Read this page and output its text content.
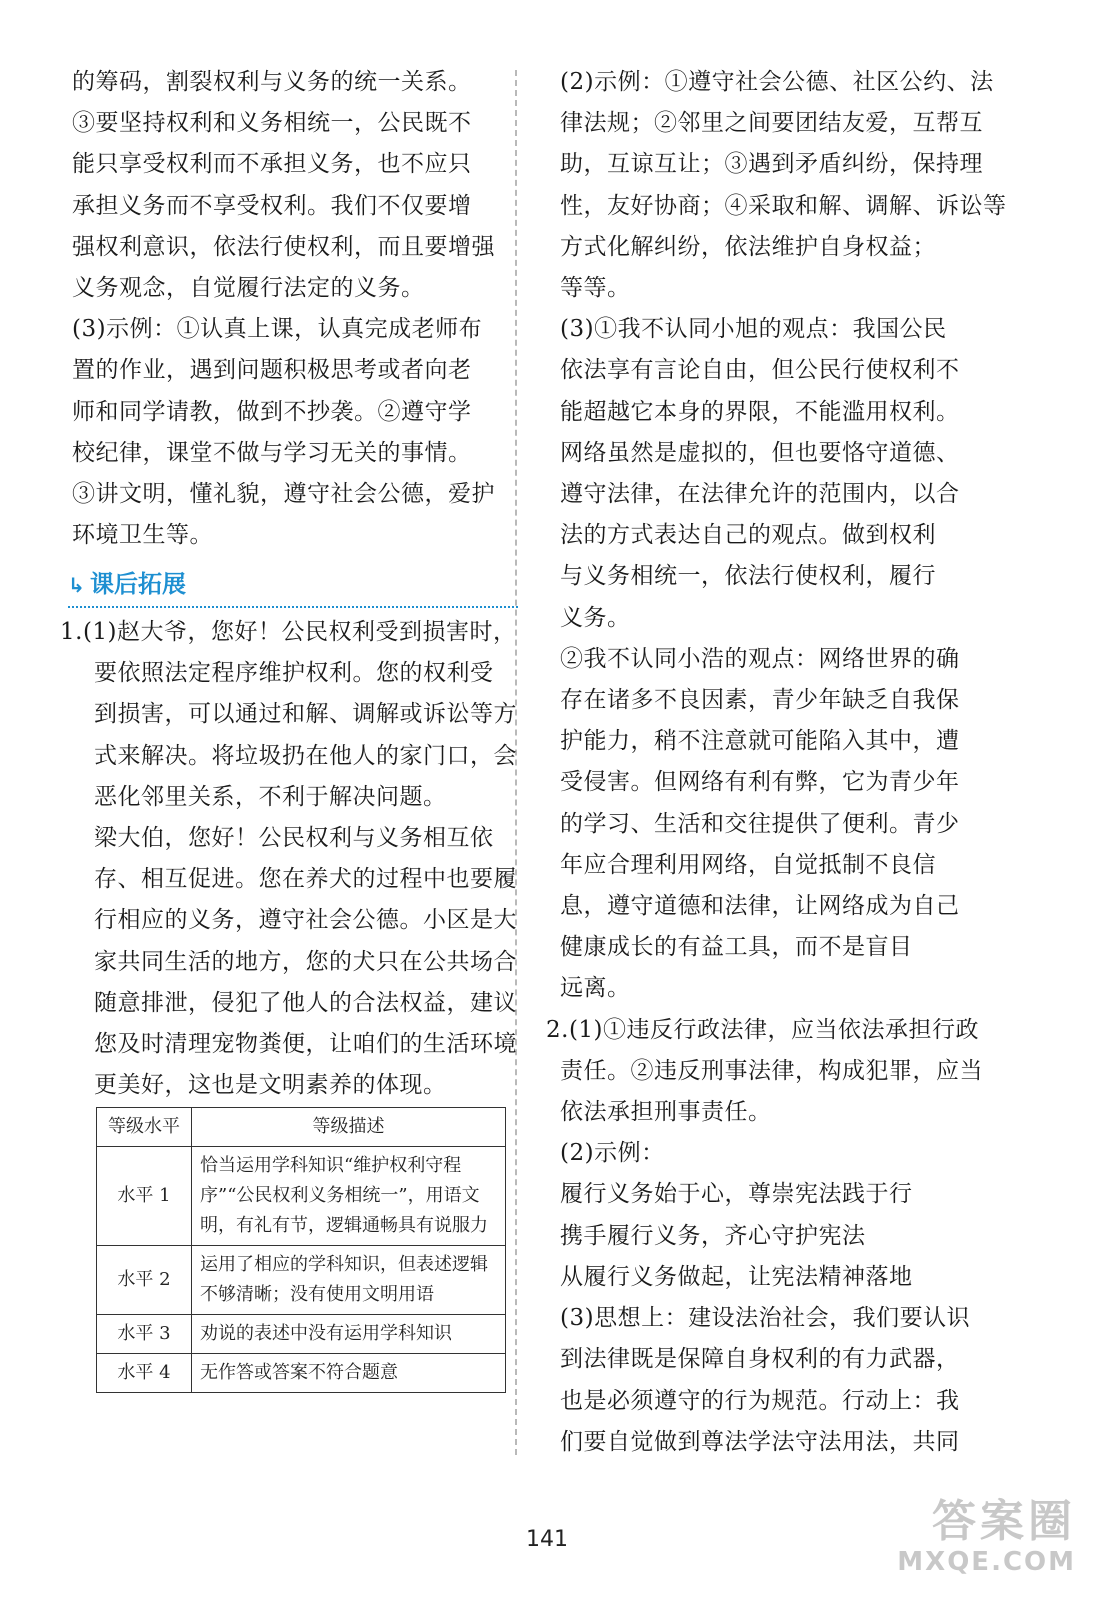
的筹码，割裂权利与义务的统一关系。
③要坚持权利和义务相统一，公民既不
能只享受权利而不承担义务，也不应只
承担义务而不享受权利。我们不仅要增
强权利意识，依法行使权利，而且要增强
义务观念，自觉履行法定的义务。
(3)示例：①认真上课，认真完成老师布
置的作业，遇到问题积极思考或者向老
师和同学请教，做到不抄袭。②遵守学
校纪律，课堂不做与学习无关的事情。
③讲文明，懂礼貌，遵守社会公德，爱护
环境卫生等。
↳ 课后拓展
1.(1)赵大爷，您好！公民权利受到损害时，
要依照法定程序维护权利。您的权利受
到损害，可以通过和解、调解或诉讼等方
式来解决。将垃圾扔在他人的家门口，会
恶化邻里关系，不利于解决问题。
梁大伯，您好！公民权利与义务相互依
存、相互促进。您在养犬的过程中也要履
行相应的义务，遵守社会公德。小区是大
家共同生活的地方，您的犬只在公共场合
随意排泄，侵犯了他人的合法权益，建议
您及时清理宠物粪便，让咱们的生活环境
更美好，这也是文明素养的体现。
等级水平	等级描述
水平 1	恰当运用学科知识“维护权利守程序”“公民权利义务相统一”，用语文明，有礼有节，逻辑通畅具有说服力
水平 2	运用了相应的学科知识，但表述逻辑不够清晰；没有使用文明用语
水平 3	劝说的表述中没有运用学科知识
水平 4	无作答或答案不符合题意
(2)示例：①遵守社会公德、社区公约、法
律法规；②邻里之间要团结友爱，互帮互
助，互谅互让；③遇到矛盾纠纷，保持理
性，友好协商；④采取和解、调解、诉讼等
方式化解纠纷，依法维护自身权益；
等等。
(3)①我不认同小旭的观点：我国公民
依法享有言论自由，但公民行使权利不
能超越它本身的界限，不能滥用权利。
网络虽然是虚拟的，但也要恪守道德、
遵守法律，在法律允许的范围内，以合
法的方式表达自己的观点。做到权利
与义务相统一，依法行使权利，履行
义务。
②我不认同小浩的观点：网络世界的确
存在诸多不良因素，青少年缺乏自我保
护能力，稍不注意就可能陷入其中，遭
受侵害。但网络有利有弊，它为青少年
的学习、生活和交往提供了便利。青少
年应合理利用网络，自觉抵制不良信
息，遵守道德和法律，让网络成为自己
健康成长的有益工具，而不是盲目
远离。
2.(1)①违反行政法律，应当依法承担行政
责任。②违反刑事法律，构成犯罪，应当
依法承担刑事责任。
(2)示例：
履行义务始于心，尊崇宪法践于行
携手履行义务，齐心守护宪法
从履行义务做起，让宪法精神落地
(3)思想上：建设法治社会，我们要认识
到法律既是保障自身权利的有力武器，
也是必须遵守的行为规范。行动上：我
们要自觉做到尊法学法守法用法，共同
141	答案圈
MXQE.COM
